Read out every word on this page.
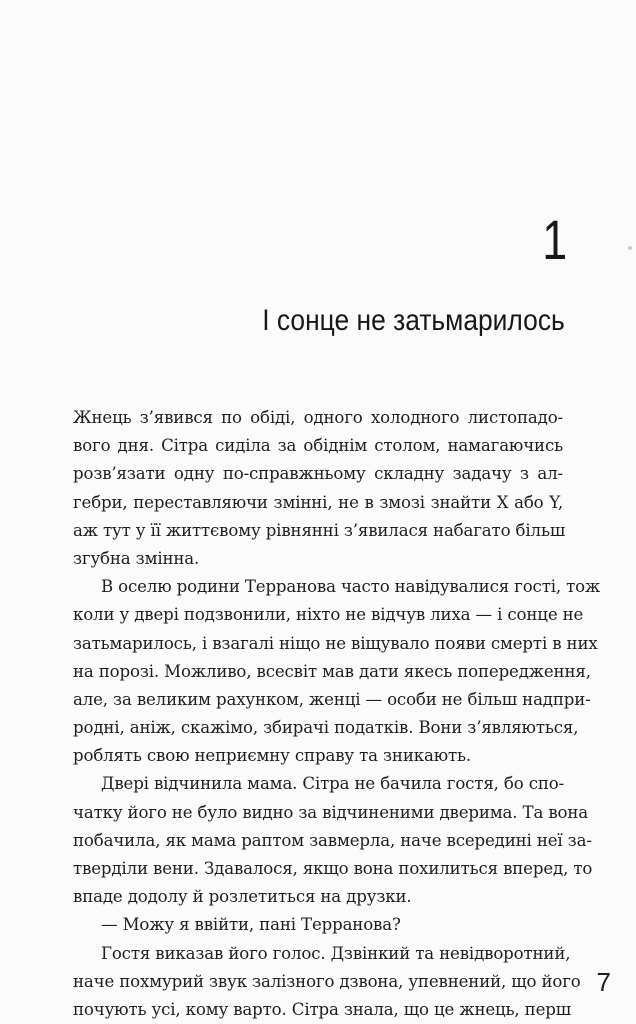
1
І сонце не затьмарилось
Жнець з’явився по обіді, одного холодного листопадо-
вого дня. Сітра сиділа за обіднім столом, намагаючись
розв’язати одну по-справжньому складну задачу з ал-
гебри, переставляючи змінні, не в змозі знайти X або Y,
аж тут у її життєвому рівнянні з’явилася набагато більш
згубна змінна.
В оселю родини Терранова часто навідувалися гості, тож
коли у двері подзвонили, ніхто не відчув лиха — і сонце не
затьмарилось, і взагалі ніщо не віщувало появи смерті в них
на порозі. Можливо, всесвіт мав дати якесь попередження,
але, за великим рахунком, женці — особи не більш надпри-
родні, аніж, скажімо, збирачі податків. Вони з’являються,
роблять свою неприємну справу та зникають.
Двері відчинила мама. Сітра не бачила гостя, бо спо-
чатку його не було видно за відчиненими дверима. Та вона
побачила, як мама раптом завмерла, наче всередині неї за-
твердiли вени. Здавалося, якщо вона похилиться вперед, то
впаде додолу й розлетиться на друзки.
— Можу я ввійти, пані Терранова?
Гостя виказав його голос. Дзвінкий та невідворотний,
наче похмурий звук залізного дзвона, упевнений, що його
почують усі, кому варто. Сітра знала, що це жнець, перш
7
